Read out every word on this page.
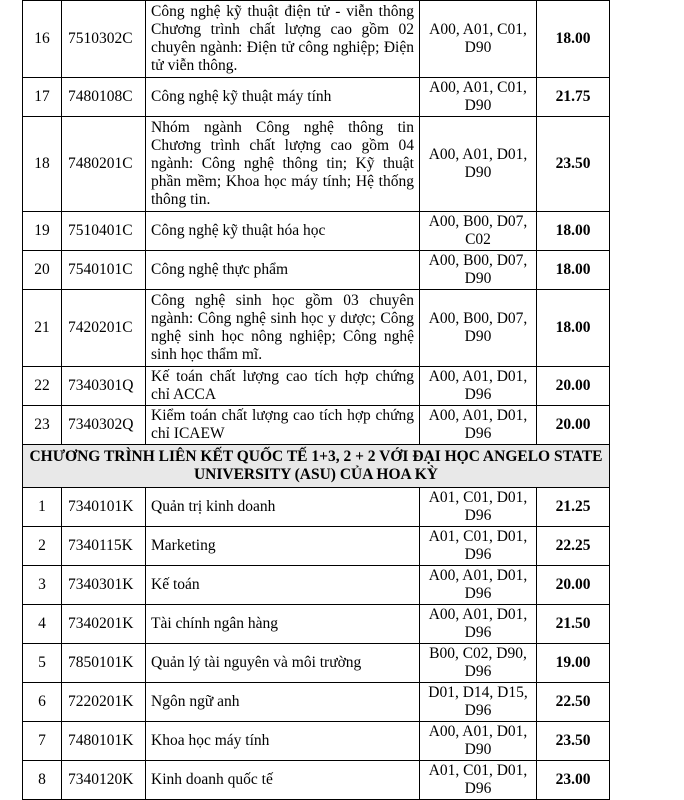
16	7510302C	Công nghệ kỹ thuật điện tử - viễn thông Chương trình chất lượng cao gồm 02 chuyên ngành: Điện tử công nghiệp; Điện tử viễn thông.	A00, A01, C01, D90	18.00
17	7480108C	Công nghệ kỹ thuật máy tính	A00, A01, C01, D90	21.75
18	7480201C	Nhóm ngành Công nghệ thông tin Chương trình chất lượng cao gồm 04 ngành: Công nghệ thông tin; Kỹ thuật phần mềm; Khoa học máy tính; Hệ thống thông tin.	A00, A01, D01, D90	23.50
19	7510401C	Công nghệ kỹ thuật hóa học	A00, B00, D07, C02	18.00
20	7540101C	Công nghệ thực phẩm	A00, B00, D07, D90	18.00
21	7420201C	Công nghệ sinh học gồm 03 chuyên ngành: Công nghệ sinh học y dược; Công nghệ sinh học nông nghiệp; Công nghệ sinh học thẩm mĩ.	A00, B00, D07, D90	18.00
22	7340301Q	Kế toán chất lượng cao tích hợp chứng chỉ ACCA	A00, A01, D01, D96	20.00
23	7340302Q	Kiểm toán chất lượng cao tích hợp chứng chỉ ICAEW	A00, A01, D01, D96	20.00
CHƯƠNG TRÌNH LIÊN KẾT QUỐC TẾ 1+3, 2 + 2 VỚI ĐẠI HỌC ANGELO STATE UNIVERSITY (ASU) CỦA HOA KỲ				
1	7340101K	Quản trị kinh doanh	A01, C01, D01, D96	21.25
2	7340115K	Marketing	A01, C01, D01, D96	22.25
3	7340301K	Kế toán	A00, A01, D01, D96	20.00
4	7340201K	Tài chính ngân hàng	A00, A01, D01, D96	21.50
5	7850101K	Quản lý tài nguyên và môi trường	B00, C02, D90, D96	19.00
6	7220201K	Ngôn ngữ anh	D01, D14, D15, D96	22.50
7	7480101K	Khoa học máy tính	A00, A01, D01, D90	23.50
8	7340120K	Kinh doanh quốc tế	A01, C01, D01, D96	23.00
